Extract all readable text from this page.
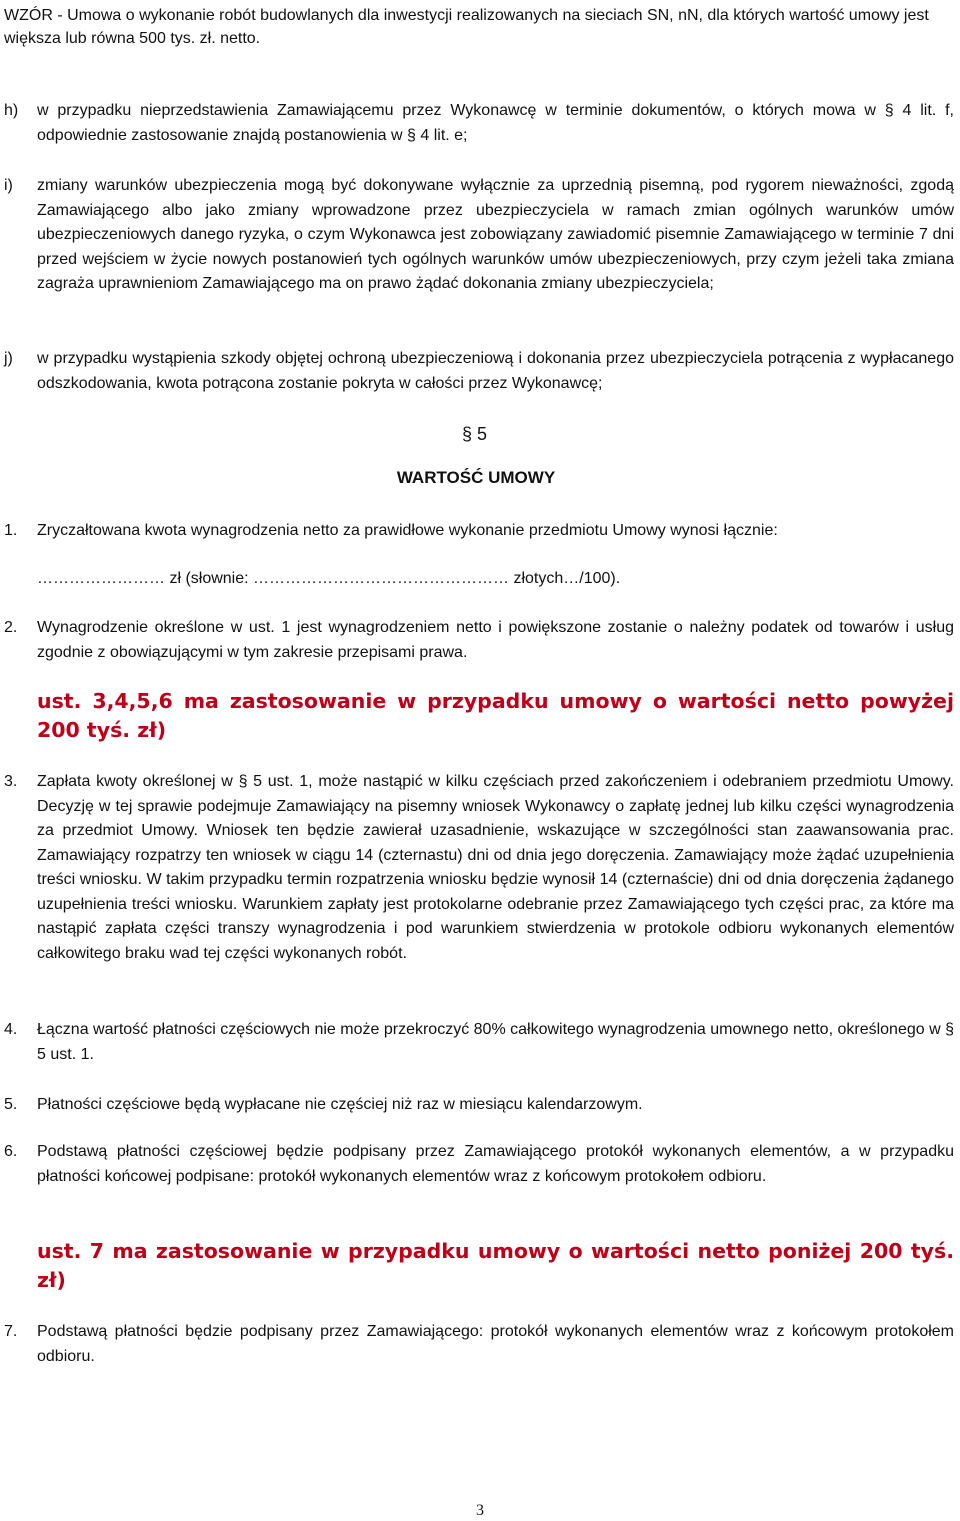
WZÓR - Umowa o wykonanie robót budowlanych dla inwestycji realizowanych na sieciach SN, nN, dla których wartość umowy jest większa lub równa 500 tys. zł. netto.
h)	w przypadku nieprzedstawienia Zamawiającemu przez Wykonawcę w terminie dokumentów, o których mowa w § 4 lit. f, odpowiednie zastosowanie znajdą postanowienia w § 4 lit. e;
i)	zmiany warunków ubezpieczenia mogą być dokonywane wyłącznie za uprzednią pisemną, pod rygorem nieważności, zgodą Zamawiającego albo jako zmiany wprowadzone przez ubezpieczyciela w ramach zmian ogólnych warunków umów ubezpieczeniowych danego ryzyka, o czym Wykonawca jest zobowiązany zawiadomić pisemnie Zamawiającego w terminie 7 dni przed wejściem w życie nowych postanowień tych ogólnych warunków umów ubezpieczeniowych, przy czym jeżeli taka zmiana zagraża uprawnieniom Zamawiającego ma on prawo żądać dokonania zmiany ubezpieczyciela;
j)	w przypadku wystąpienia szkody objętej ochroną ubezpieczeniową i dokonania przez ubezpieczyciela potrącenia z wypłacanego odszkodowania, kwota potrącona zostanie pokryta w całości przez Wykonawcę;
§ 5
WARTOŚĆ UMOWY
1.	Zryczałtowana kwota wynagrodzenia netto za prawidłowe wykonanie przedmiotu Umowy wynosi łącznie:
…………………… zł (słownie: ………………………………………… złotych…/100).
2.	Wynagrodzenie określone w ust. 1 jest wynagrodzeniem netto i powiększone zostanie o należny podatek od towarów i usług zgodnie z obowiązującymi w tym zakresie przepisami prawa.
ust. 3,4,5,6 ma zastosowanie w przypadku umowy o wartości netto powyżej 200 tyś. zł)
3.	Zapłata kwoty określonej w § 5 ust. 1, może nastąpić w kilku częściach przed zakończeniem i odebraniem przedmiotu Umowy. Decyzję w tej sprawie podejmuje Zamawiający na pisemny wniosek Wykonawcy o zapłatę jednej lub kilku części wynagrodzenia za przedmiot Umowy. Wniosek ten będzie zawierał uzasadnienie, wskazujące w szczególności stan zaawansowania prac. Zamawiający rozpatrzy ten wniosek w ciągu 14 (czternastu) dni od dnia jego doręczenia. Zamawiający może żądać uzupełnienia treści wniosku. W takim przypadku termin rozpatrzenia wniosku będzie wynosił 14 (czternaście) dni od dnia doręczenia żądanego uzupełnienia treści wniosku. Warunkiem zapłaty jest protokolarne odebranie przez Zamawiającego tych części prac, za które ma nastąpić zapłata części transzy wynagrodzenia i pod warunkiem stwierdzenia w protokole odbioru wykonanych elementów całkowitego braku wad tej części wykonanych robót.
4.	Łączna wartość płatności częściowych nie może przekroczyć 80% całkowitego wynagrodzenia umownego netto, określonego w § 5 ust. 1.
5.	Płatności częściowe będą wypłacane nie częściej niż raz w miesiącu kalendarzowym.
6.	Podstawą płatności częściowej będzie podpisany przez Zamawiającego protokół wykonanych elementów, a w przypadku płatności końcowej podpisane: protokół wykonanych elementów wraz z końcowym protokołem odbioru.
ust. 7 ma zastosowanie w przypadku umowy o wartości netto poniżej 200 tyś. zł)
7.	Podstawą płatności będzie podpisany przez Zamawiającego: protokół wykonanych elementów wraz z końcowym protokołem odbioru.
3
